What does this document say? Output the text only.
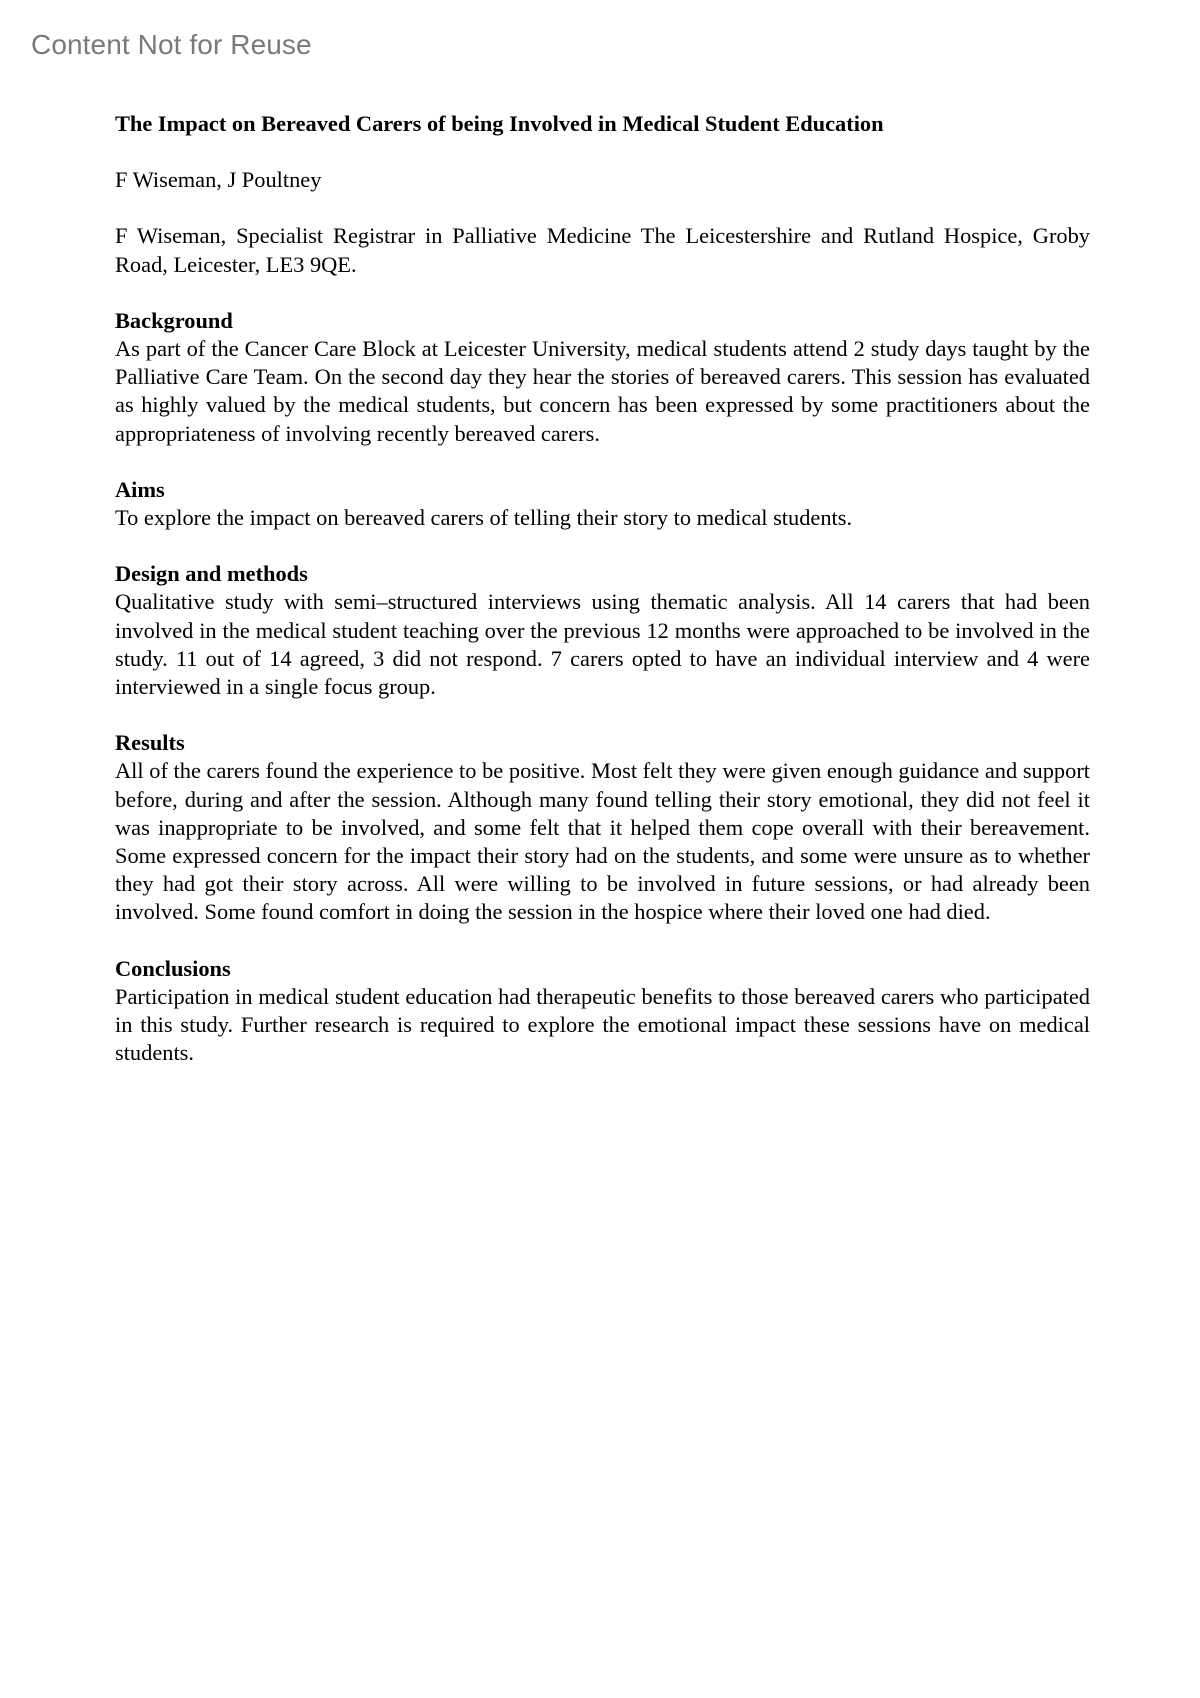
Content Not for Reuse
The Impact on Bereaved Carers of being Involved in Medical Student Education
F Wiseman, J Poultney
F Wiseman, Specialist Registrar in Palliative Medicine The Leicestershire and Rutland Hospice, Groby Road, Leicester, LE3 9QE.
Background
As part of the Cancer Care Block at Leicester University, medical students attend 2 study days taught by the Palliative Care Team. On the second day they hear the stories of bereaved carers. This session has evaluated as highly valued by the medical students, but concern has been expressed by some practitioners about the appropriateness of involving recently bereaved carers.
Aims
To explore the impact on bereaved carers of telling their story to medical students.
Design and methods
Qualitative study with semi–structured interviews using thematic analysis. All 14 carers that had been involved in the medical student teaching over the previous 12 months were approached to be involved in the study. 11 out of 14 agreed, 3 did not respond. 7 carers opted to have an individual interview and 4 were interviewed in a single focus group.
Results
All of the carers found the experience to be positive. Most felt they were given enough guidance and support before, during and after the session. Although many found telling their story emotional, they did not feel it was inappropriate to be involved, and some felt that it helped them cope overall with their bereavement. Some expressed concern for the impact their story had on the students, and some were unsure as to whether they had got their story across. All were willing to be involved in future sessions, or had already been involved. Some found comfort in doing the session in the hospice where their loved one had died.
Conclusions
Participation in medical student education had therapeutic benefits to those bereaved carers who participated in this study. Further research is required to explore the emotional impact these sessions have on medical students.
